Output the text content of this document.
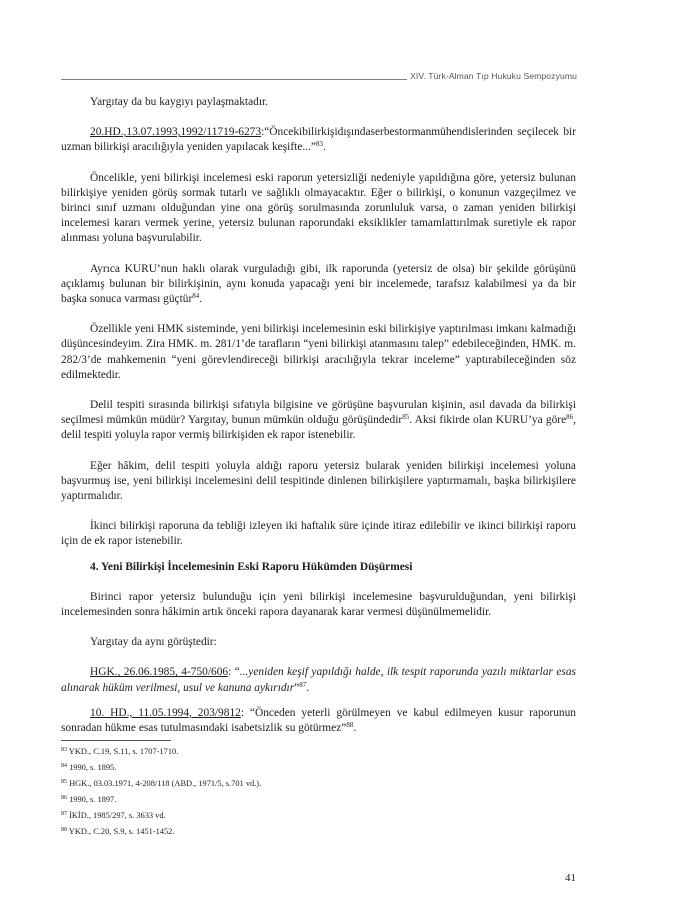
XIV. Türk-Alman Tıp Hukuku Sempozyumu

Yargıtay da bu kaygıyı paylaşmaktadır.

20.HD.,13.07.1993,1992/11719-6273:“Öncekibilirkişidışındaserbestormanmühendislerinden seçilecek bir uzman bilirkişi aracılığıyla yeniden yapılacak keşifte...”$^{83}$.

Öncelikle, yeni bilirkişi incelemesi eski raporun yetersizliği nedeniyle yapıldığına göre, yetersiz bulunan bilirkişiye yeniden görüş sormak tutarlı ve sağlıklı olmayacaktır. Eğer o bilirkişi, o konunun vazgeçilmez ve birinci sınıf uzmanı olduğundan yine ona görüş sorulmasında zorunluluk varsa, o zaman yeniden bilirkişi incelemesi kararı vermek yerine, yetersiz bulunan raporundaki eksiklikler tamamlattırılmak suretiyle ek rapor alınması yoluna başvurulabilir.

Ayrıca KURU’nun haklı olarak vurguladığı gibi, ilk raporunda (yetersiz de olsa) bir şekilde görüşünü açıklamış bulunan bir bilirkişinin, aynı konuda yapacağı yeni bir incelemede, tarafsız kalabilmesi ya da bir başka sonuca varması güçtür$^{84}$.

Özellikle yeni HMK sisteminde, yeni bilirkişi incelemesinin eski bilirkişiye yaptırılması imkanı kalmadığı düşüncesindeyim. Zira HMK. m. 281/1’de tarafların “yeni bilirkişi atanmasını talep” edebileceğinden, HMK. m. 282/3’de mahkemenin “yeni görevlendireceği bilirkişi aracılığıyla tekrar inceleme” yaptırabileceğinden söz edilmektedir.

Delil tespiti sırasında bilirkişi sıfatıyla bilgisine ve görüşüne başvurulan kişinin, asıl davada da bilirkişi seçilmesi mümkün müdür? Yargıtay, bunun mümkün olduğu görüşündedir$^{85}$. Aksi fikirde olan KURU’ya göre$^{86}$, delil tespiti yoluyla rapor vermiş bilirkişiden ek rapor istenebilir.

Eğer hâkim, delil tespiti yoluyla aldığı raporu yetersiz bularak yeniden bilirkişi incelemesi yoluna başvurmuş ise, yeni bilirkişi incelemesini delil tespitinde dinlenen bilirkişilere yaptırmamalı, başka bilirkişilere yaptırmalıdır.

İkinci bilirkişi raporuna da tebliği izleyen iki haftalık süre içinde itiraz edilebilir ve ikinci bilirkişi raporu için de ek rapor istenebilir.

4. Yeni Bilirkişi İncelemesinin Eski Raporu Hükümden Düşürmesi

Birinci rapor yetersiz bulunduğu için yeni bilirkişi incelemesine başvurulduğundan, yeni bilirkişi incelemesinden sonra hâkimin artık önceki rapora dayanarak karar vermesi düşünülmemelidir.

Yargıtay da aynı görüştedir:

HGK., 26.06.1985, 4-750/606: “...yeniden keşif yapıldığı halde, ilk tespit raporunda yazılı miktarlar esas alınarak hüküm verilmesi, usul ve kanuna aykırıdır”$^{87}$.

10. HD., 11.05.1994, 203/9812: “Önceden yeterli görülmeyen ve kabul edilmeyen kusur raporunun sonradan hükme esas tutulmasındaki isabetsizlik su götürmez”$^{88}$.

$^{83}$ YKD., C.19, S.11, s. 1707-1710.

$^{84}$ 1990, s. 1895.

$^{85}$ HGK., 03.03.1971, 4-208/118 (ABD., 1971/5, s.701 vd.).

$^{86}$ 1990, s. 1897.

$^{87}$ İKİD., 1985/297, s. 3633 vd.

$^{88}$ YKD., C.20, S.9, s. 1451-1452.

41
